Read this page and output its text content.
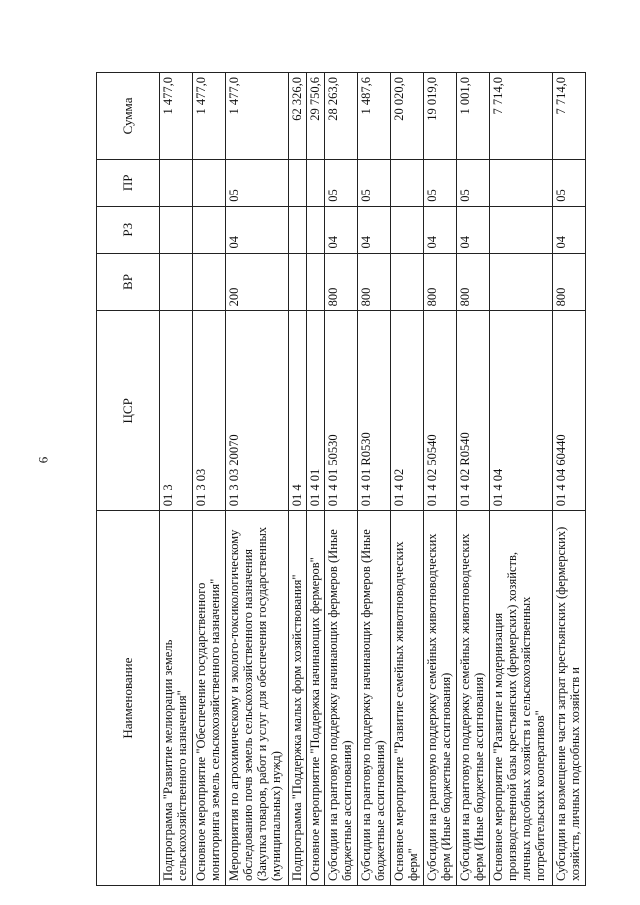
6
Наименование	ЦСР	ВР	РЗ	ПР	Сумма
Подпрограмма "Развитие мелиорации земель сельскохозяйственного назначения"	01 3				1 477,0
Основное мероприятие "Обеспечение государственного мониторинга земель сельскохозяйственного назначения"	01 3 03				1 477,0
Мероприятия по агрохимическому и эколого-токсикологическому обследованию почв земель сельскохозяйственного назначения (Закупка товаров, работ и услуг для обеспечения государственных (муниципальных) нужд)	01 3 03 20070	200	04	05	1 477,0
Подпрограмма "Поддержка малых форм хозяйствования"	01 4				62 326,0
Основное мероприятие "Поддержка начинающих фермеров"	01 4 01				29 750,6
Субсидии на грантовую поддержку начинающих фермеров (Иные бюджетные ассигнования)	01 4 01 50530	800	04	05	28 263,0
Субсидии на грантовую поддержку начинающих фермеров (Иные бюджетные ассигнования)	01 4 01 R0530	800	04	05	1 487,6
Основное мероприятие "Развитие семейных животноводческих ферм"	01 4 02				20 020,0
Субсидии на грантовую поддержку семейных животноводческих ферм (Иные бюджетные ассигнования)	01 4 02 50540	800	04	05	19 019,0
Субсидии на грантовую поддержку семейных животноводческих ферм (Иные бюджетные ассигнования)	01 4 02 R0540	800	04	05	1 001,0
Основное мероприятие "Развитие и модернизация производственной базы крестьянских (фермерских) хозяйств, личных подсобных хозяйств и сельскохозяйственных потребительских кооперативов"	01 4 04				7 714,0
Субсидии на возмещение части затрат крестьянских (фермерских) хозяйств, личных подсобных хозяйств и	01 4 04 60440	800	04	05	7 714,0
